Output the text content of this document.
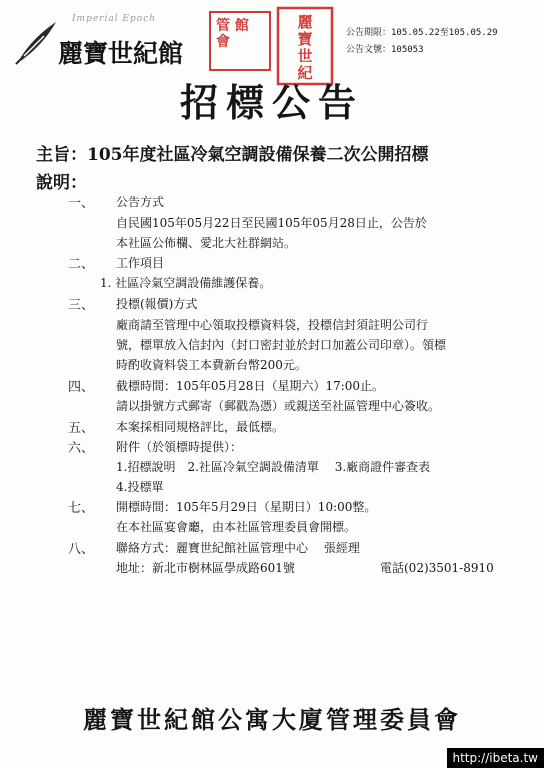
Imperial Epoch
麗寶世紀館
管 館
會
麗
寶
世
紀
公告期限：105.05.22至105.05.29
公告文號：105053
招標公告
主旨：105年度社區冷氣空調設備保養二次公開招標
說明：
一、 公告方式
自民國105年05月22日至民國105年05月28日止，公告於
本社區公佈欄、愛北大社群網站。
二、 工作項目
1. 社區冷氣空調設備維護保養。
三、 投標(報價)方式
廠商請至管理中心領取投標資料袋，投標信封須註明公司行
號，標單放入信封內（封口密封並於封口加蓋公司印章）。領標
時酌收資料袋工本費新台幣200元。
四、 截標時間：105年05月28日（星期六）17:00止。
請以掛號方式郵寄（郵戳為憑）或親送至社區管理中心簽收。
五、 本案採相同規格評比，最低標。
六、 附件（於領標時提供）：
1.招標說明　2.社區冷氣空調設備清單　 3.廠商證件審查表
4.投標單
七、 開標時間：105年5月29日（星期日）10:00整。
在本社區宴會廳，由本社區管理委員會開標。
八、 聯絡方式：麗寶世紀館社區管理中心　 張經理
地址：新北市樹林區學成路601號	電話(02)3501-8910
麗寶世紀館公寓大廈管理委員會
http://ibeta.tw
